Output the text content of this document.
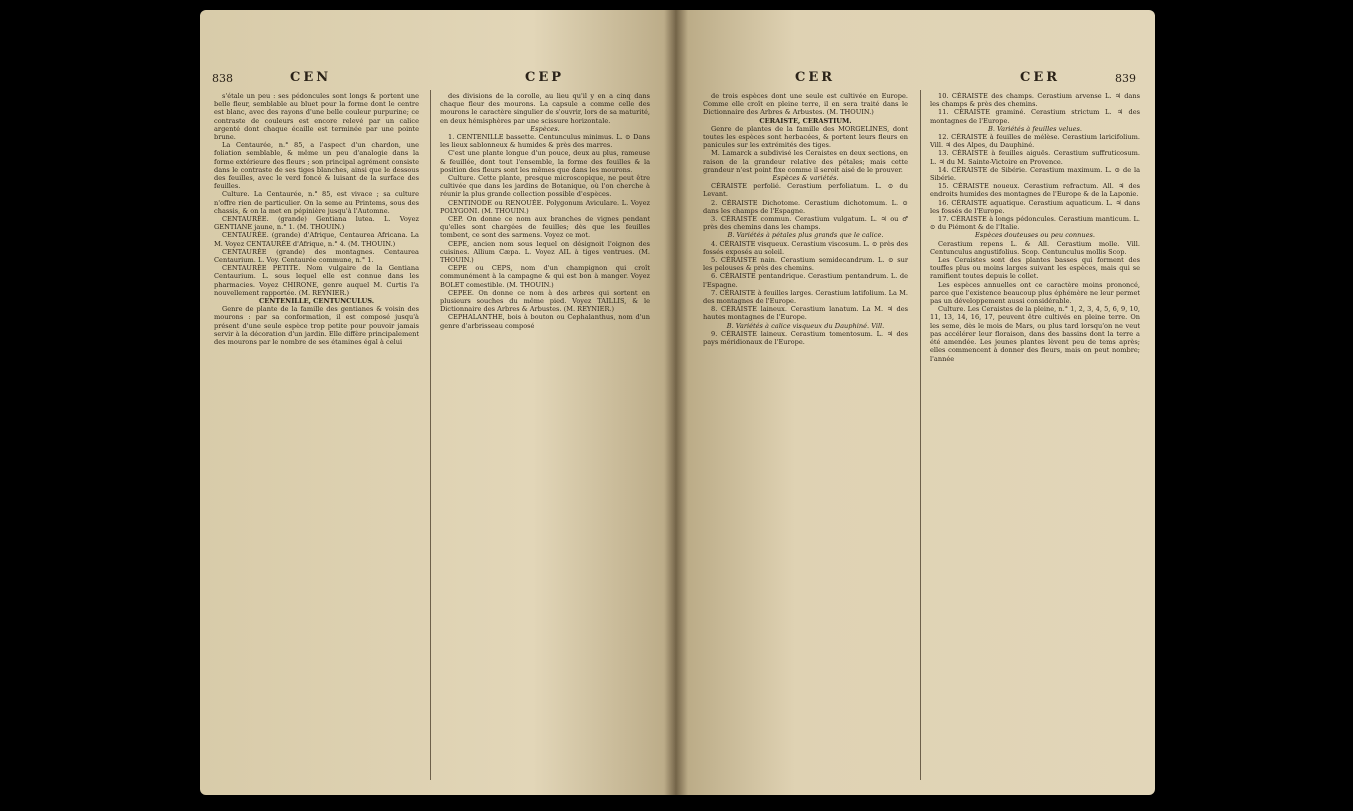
838	CEN	CEP

s'étale un peu : ses pédoncules sont longs & portent une belle fleur, semblable au bluet pour la forme dont le centre est blanc, avec des rayons d'une belle couleur purpurine; ce contraste de couleurs est encore relevé par un calice argenté dont chaque écaille est terminée par une pointe brune.

La Centaurée, n.° 85, a l'aspect d'un chardon, une foliation semblable, & même un peu d'analogie dans la forme extérieure des fleurs ; son principal agrément consiste dans le contraste de ses tiges blanches, ainsi que le dessous des feuilles, avec le verd foncé & luisant de la surface des feuilles.

Culture. La Centaurée, n.° 85, est vivace ; sa culture n'offre rien de particulier. On la seme au Printems, sous des chassis, & on la met en pépinière jusqu'à l'Automne.

CENTAURÉE. (grande) Gentiana lutea. L. Voyez GENTIANE jaune, n.° 1. (M. THOUIN.)

CENTAURÉE. (grande) d'Afrique, Centaurea Africana. La M. Voyez CENTAURÉE d'Afrique, n.° 4. (M. THOUIN.)

CENTAURÉE (grande) des montagnes. Centaurea Centaurium. L. Voy. Centaurée commune, n.° 1.

CENTAURÉE PETITE. Nom vulgaire de la Gentiana Centaurium. L. sous lequel elle est connue dans les pharmacies. Voyez CHIRONE, genre auquel M. Curtis l'a nouvellement rapportée. (M. REYNIER.)

CENTENILLE, CENTUNCULUS.

Genre de plante de la famille des gentianes & voisin des mourons : par sa conformation, il est composé jusqu'à présent d'une seule espèce trop petite pour pouvoir jamais servir à la décoration d'un jardin. Elle diffère principalement des mourons par le nombre de ses étamines égal à celui

des divisions de la corolle, au lieu qu'il y en a cinq dans chaque fleur des mourons. La capsule a comme celle des mourons le caractère singulier de s'ouvrir, lors de sa maturité, en deux hémisphères par une scissure horizontale.

Espèces.

1. CENTENILLE bassette. Centunculus minimus. L. ⊙ Dans les lieux sablonneux & humides & près des marres.

C'est une plante longue d'un pouce, deux au plus, rameuse & feuillée, dont tout l'ensemble, la forme des feuilles & la position des fleurs sont les mêmes que dans les mourons.

Culture. Cette plante, presque microscopique, ne peut être cultivée que dans les jardins de Botanique, où l'on cherche à réunir la plus grande collection possible d'espèces.

CENTINODE ou RENOUÉE. Polygonum Aviculare. L. Voyez POLYGONI. (M. THOUIN.)

CEP. On donne ce nom aux branches de vignes pendant qu'elles sont chargées de feuilles; dès que les feuilles tombent, ce sont des sarmens. Voyez ce mot.

CEPE, ancien nom sous lequel on désignoit l'oignon des cuisines. Allium Cæpa. L. Voyez AIL à tiges ventrues. (M. THOUIN.)

CEPE ou CEPS, nom d'un champignon qui croît communément à la campagne & qui est bon à manger. Voyez BOLET comestible. (M. THOUIN.)

CEPEE. On donne ce nom à des arbres qui sortent en plusieurs souches du même pied. Voyez TAILLIS, & le Dictionnaire des Arbres & Arbustes. (M. REYNIER.)

CEPHALANTHE, bois à bouton ou Cephalanthus, nom d'un genre d'arbrisseau composé

CER	CER	839

de trois espèces dont une seule est cultivée en Europe. Comme elle croît en pleine terre, il en sera traité dans le Dictionnaire des Arbres & Arbustes. (M. THOUIN.)

CERAISTE, CERASTIUM.

Genre de plantes de la famille des MORGELINES, dont toutes les espèces sont herbacées, & portent leurs fleurs en panicules sur les extrémités des tiges.

M. Lamarck a subdivisé les Ceraistes en deux sections, en raison de la grandeur relative des pétales; mais cette grandeur n'est point fixe comme il seroit aisé de le prouver.

Espèces & variétés.

CÉRAISTE perfolié. Cerastium perfoliatum. L. ⊙ du Levant.

2. CÉRAISTE Dichotome. Cerastium dichotomum. L. ⊙ dans les champs de l'Espagne.

3. CÉRAISTE commun. Cerastium vulgatum. L. ♃ ou ♂ près des chemins dans les champs.

B. Variétés à pétales plus grands que le calice.

4. CÉRAISTE visqueux. Cerastium viscosum. L. ⊙ près des fossés exposés au soleil.

5. CÉRAISTE nain. Cerastium semidecandrum. L. ⊙ sur les pelouses & près des chemins.

6. CÉRAISTE pentandrique. Cerastium pentandrum. L. de l'Espagne.

7. CÉRAISTE à feuilles larges. Cerastium latifolium. La M. des montagnes de l'Europe.

8. CÉRAISTE laineux. Cerastium lanatum. La M. ♃ des hautes montagnes de l'Europe.

B. Variétés à calice visqueux du Dauphiné. Vill.

9. CÉRAISTE laineux. Cerastium tomentosum. L. ♃ des pays méridionaux de l'Europe.

10. CÉRAISTE des champs. Cerastium arvense L. ♃ dans les champs & près des chemins.

11. CÉRAISTE graminé. Cerastium strictum L. ♃ des montagnes de l'Europe.

B. Variétés à feuilles velues.

12. CÉRAISTE à feuilles de mélèse. Cerastium laricifolium. Vill. ♃ des Alpes, du Dauphiné.

13. CÉRAISTE à feuilles aiguës. Cerastium suffruticosum. L. ♃ du M. Sainte-Victoire en Provence.

14. CÉRAISTE de Sibérie. Cerastium maximum. L. ⊙ de la Sibérie.

15. CÉRAISTE noueux. Cerastium refractum. All. ♃ des endroits humides des montagnes de l'Europe & de la Laponie.

16. CÉRAISTE aquatique. Cerastium aquaticum. L. ♃ dans les fossés de l'Europe.

17. CÉRAISTE à longs pédoncules. Cerastium manticum. L. ⊙ du Piémont & de l'Italie.

Espèces douteuses ou peu connues.

Cerastium repens L. & All. Cerastium molle. Vill. Centunculus angustifolius. Scop. Centunculus mollis Scop.

Les Ceraistes sont des plantes basses qui forment des touffes plus ou moins larges suivant les espèces, mais qui se ramifient toutes depuis le collet.

Les espèces annuelles ont ce caractère moins prononcé, parce que l'existence beaucoup plus éphémère ne leur permet pas un développement aussi considérable.

Culture. Les Ceraistes de la pleine, n.° 1, 2, 3, 4, 5, 6, 9, 10, 11, 13, 14, 16, 17, peuvent être cultivés en pleine terre. On les seme, dès le mois de Mars, ou plus tard lorsqu'on ne veut pas accélérer leur floraison, dans des bassins dont la terre a été amendée. Les jeunes plantes lèvent peu de tems après; elles commencent à donner des fleurs, mais on peut nombre; l'année
